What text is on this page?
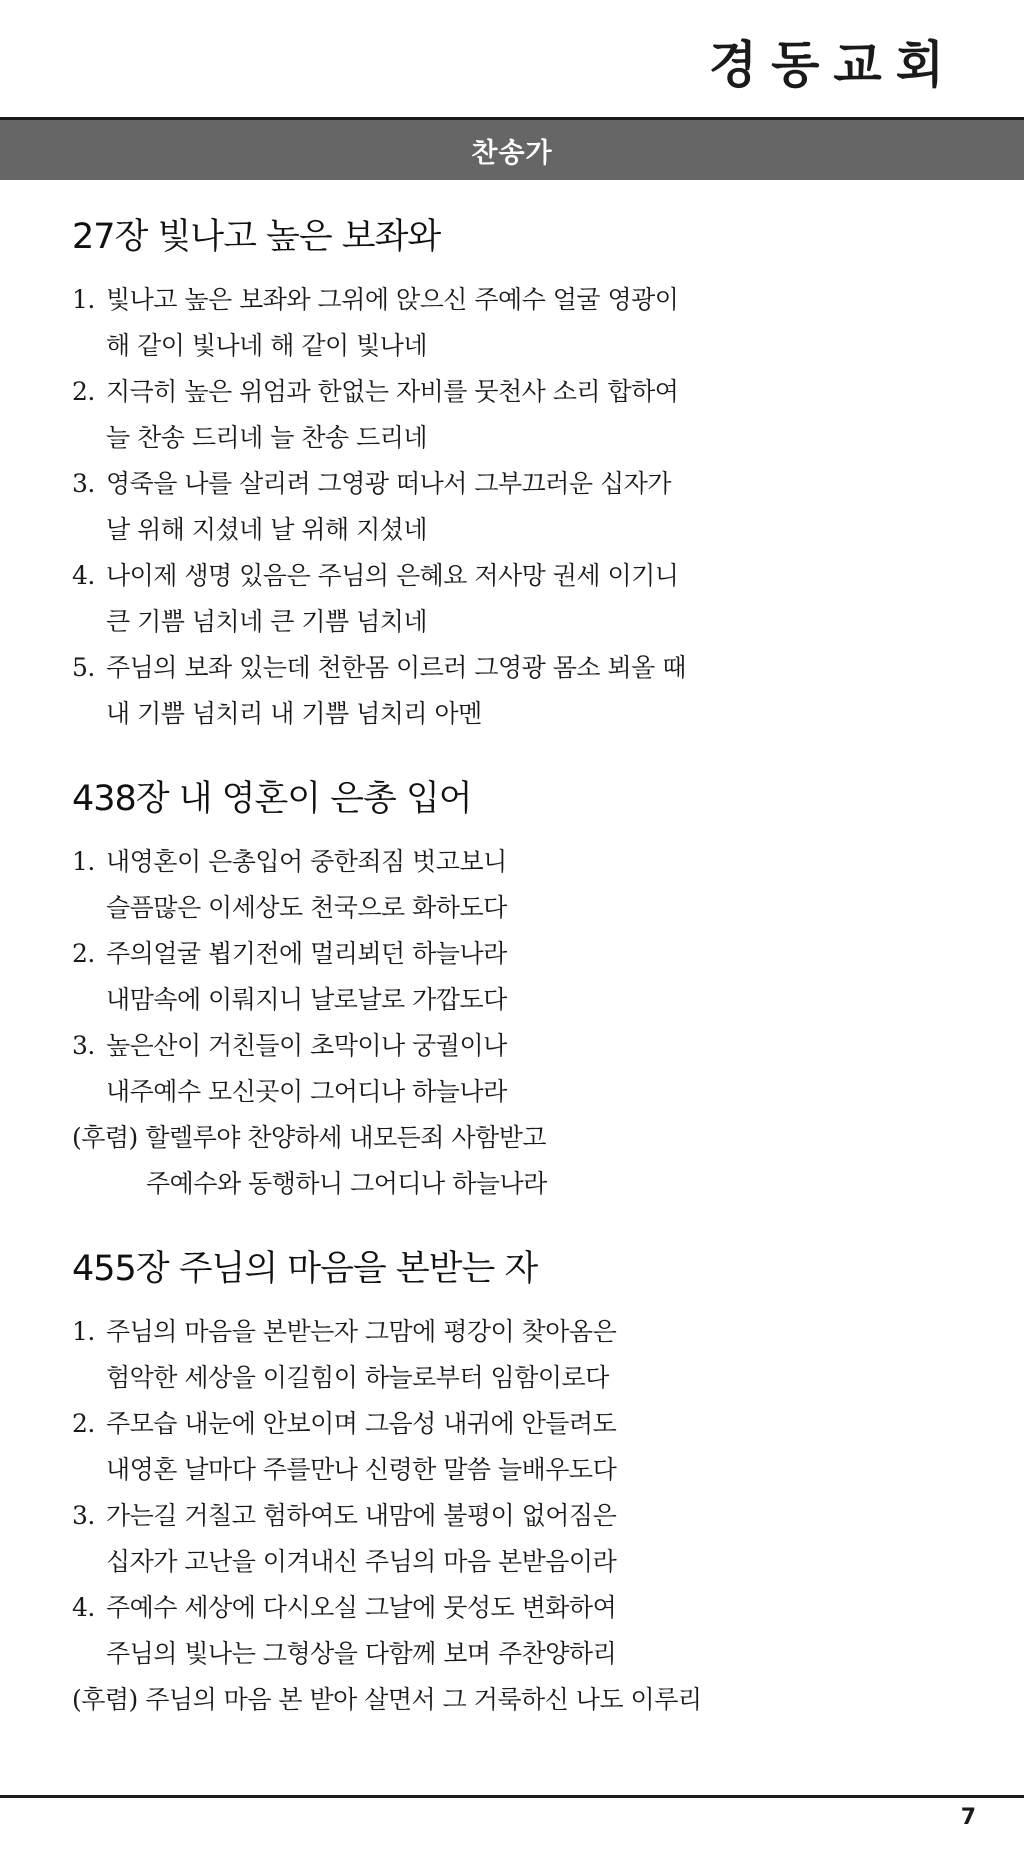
경동교회
찬송가
27장 빛나고 높은 보좌와
1. 빛나고 높은 보좌와 그위에 앉으신 주예수 얼굴 영광이
해 같이 빛나네 해 같이 빛나네
2. 지극히 높은 위엄과 한없는 자비를 뭇천사 소리 합하여
늘 찬송 드리네 늘 찬송 드리네
3. 영죽을 나를 살리려 그영광 떠나서 그부끄러운 십자가
날 위해 지셨네 날 위해 지셨네
4. 나이제 생명 있음은 주님의 은혜요 저사망 권세 이기니
큰 기쁨 넘치네 큰 기쁨 넘치네
5. 주님의 보좌 있는데 천한몸 이르러 그영광 몸소 뵈올 때
내 기쁨 넘치리 내 기쁨 넘치리 아멘
438장 내 영혼이 은총 입어
1. 내영혼이 은총입어 중한죄짐 벗고보니
슬픔많은 이세상도 천국으로 화하도다
2. 주의얼굴 뵙기전에 멀리뵈던 하늘나라
내맘속에 이뤄지니 날로날로 가깝도다
3. 높은산이 거친들이 초막이나 궁궐이나
내주예수 모신곳이 그어디나 하늘나라
(후렴) 할렐루야 찬양하세 내모든죄 사함받고
주예수와 동행하니 그어디나 하늘나라
455장 주님의 마음을 본받는 자
1. 주님의 마음을 본받는자 그맘에 평강이 찾아옴은
험악한 세상을 이길힘이 하늘로부터 임함이로다
2. 주모습 내눈에 안보이며 그음성 내귀에 안들려도
내영혼 날마다 주를만나 신령한 말씀 늘배우도다
3. 가는길 거칠고 험하여도 내맘에 불평이 없어짐은
십자가 고난을 이겨내신 주님의 마음 본받음이라
4. 주예수 세상에 다시오실 그날에 뭇성도 변화하여
주님의 빛나는 그형상을 다함께 보며 주찬양하리
(후렴) 주님의 마음 본 받아 살면서 그 거룩하신 나도 이루리
7
